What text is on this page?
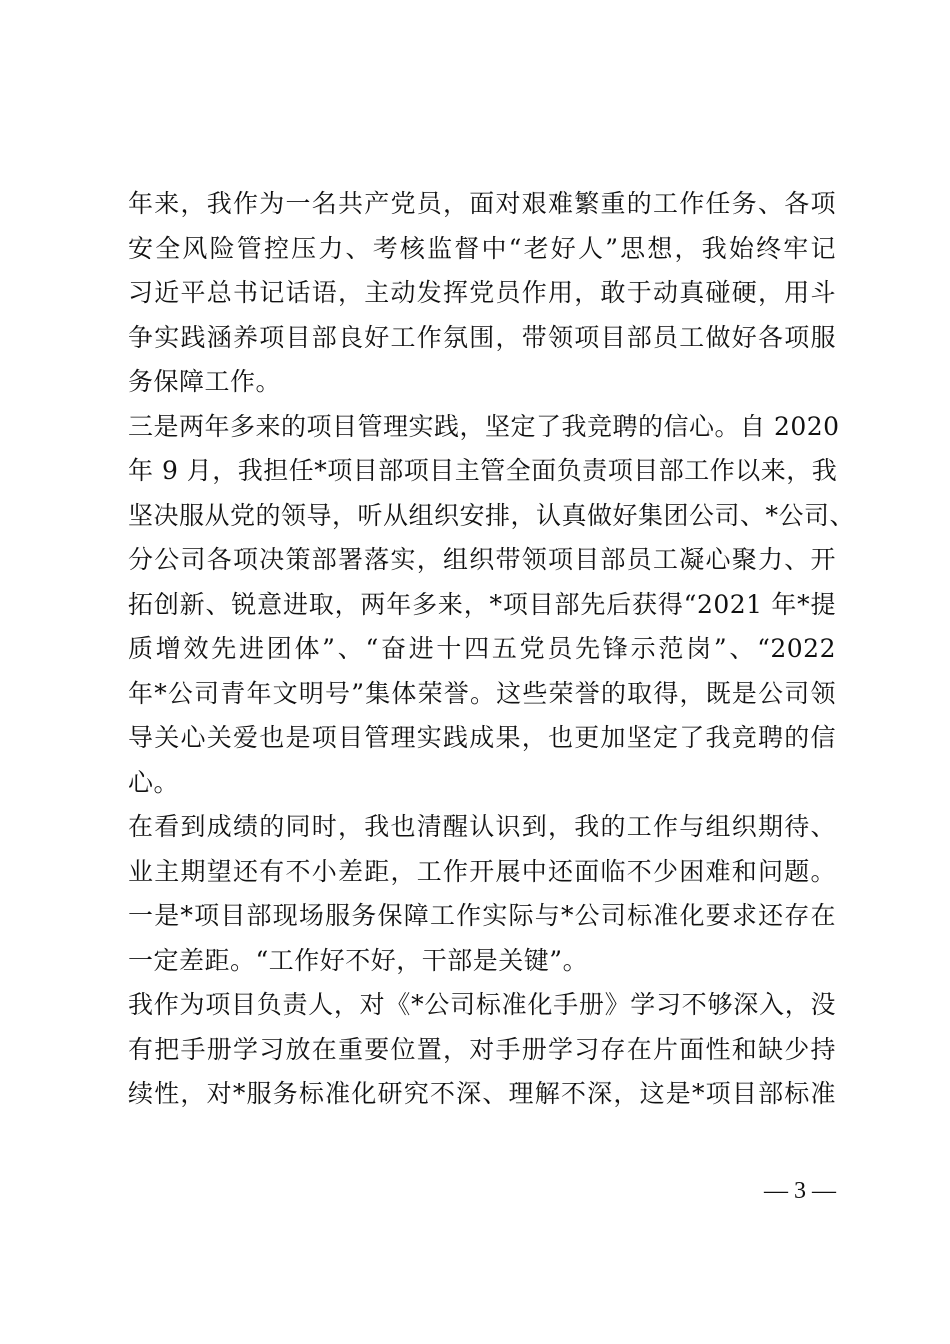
年来，我作为一名共产党员，面对艰难繁重的工作任务、各项
安全风险管控压力、考核监督中“老好人”思想，我始终牢记
习近平总书记话语，主动发挥党员作用，敢于动真碰硬，用斗
争实践涵养项目部良好工作氛围，带领项目部员工做好各项服
务保障工作。
三是两年多来的项目管理实践，坚定了我竞聘的信心。自 2020
年 9 月，我担任*项目部项目主管全面负责项目部工作以来，我
坚决服从党的领导，听从组织安排，认真做好集团公司、*公司、
分公司各项决策部署落实，组织带领项目部员工凝心聚力、开
拓创新、锐意进取，两年多来，*项目部先后获得“2021 年*提
质增效先进团体”、“奋进十四五党员先锋示范岗”、“2022
年*公司青年文明号”集体荣誉。这些荣誉的取得，既是公司领
导关心关爱也是项目管理实践成果，也更加坚定了我竞聘的信
心。
在看到成绩的同时，我也清醒认识到，我的工作与组织期待、
业主期望还有不小差距，工作开展中还面临不少困难和问题。
一是*项目部现场服务保障工作实际与*公司标准化要求还存在
一定差距。“工作好不好，干部是关键”。
我作为项目负责人，对《*公司标准化手册》学习不够深入，没
有把手册学习放在重要位置，对手册学习存在片面性和缺少持
续性，对*服务标准化研究不深、理解不深，这是*项目部标准
— 3 —
